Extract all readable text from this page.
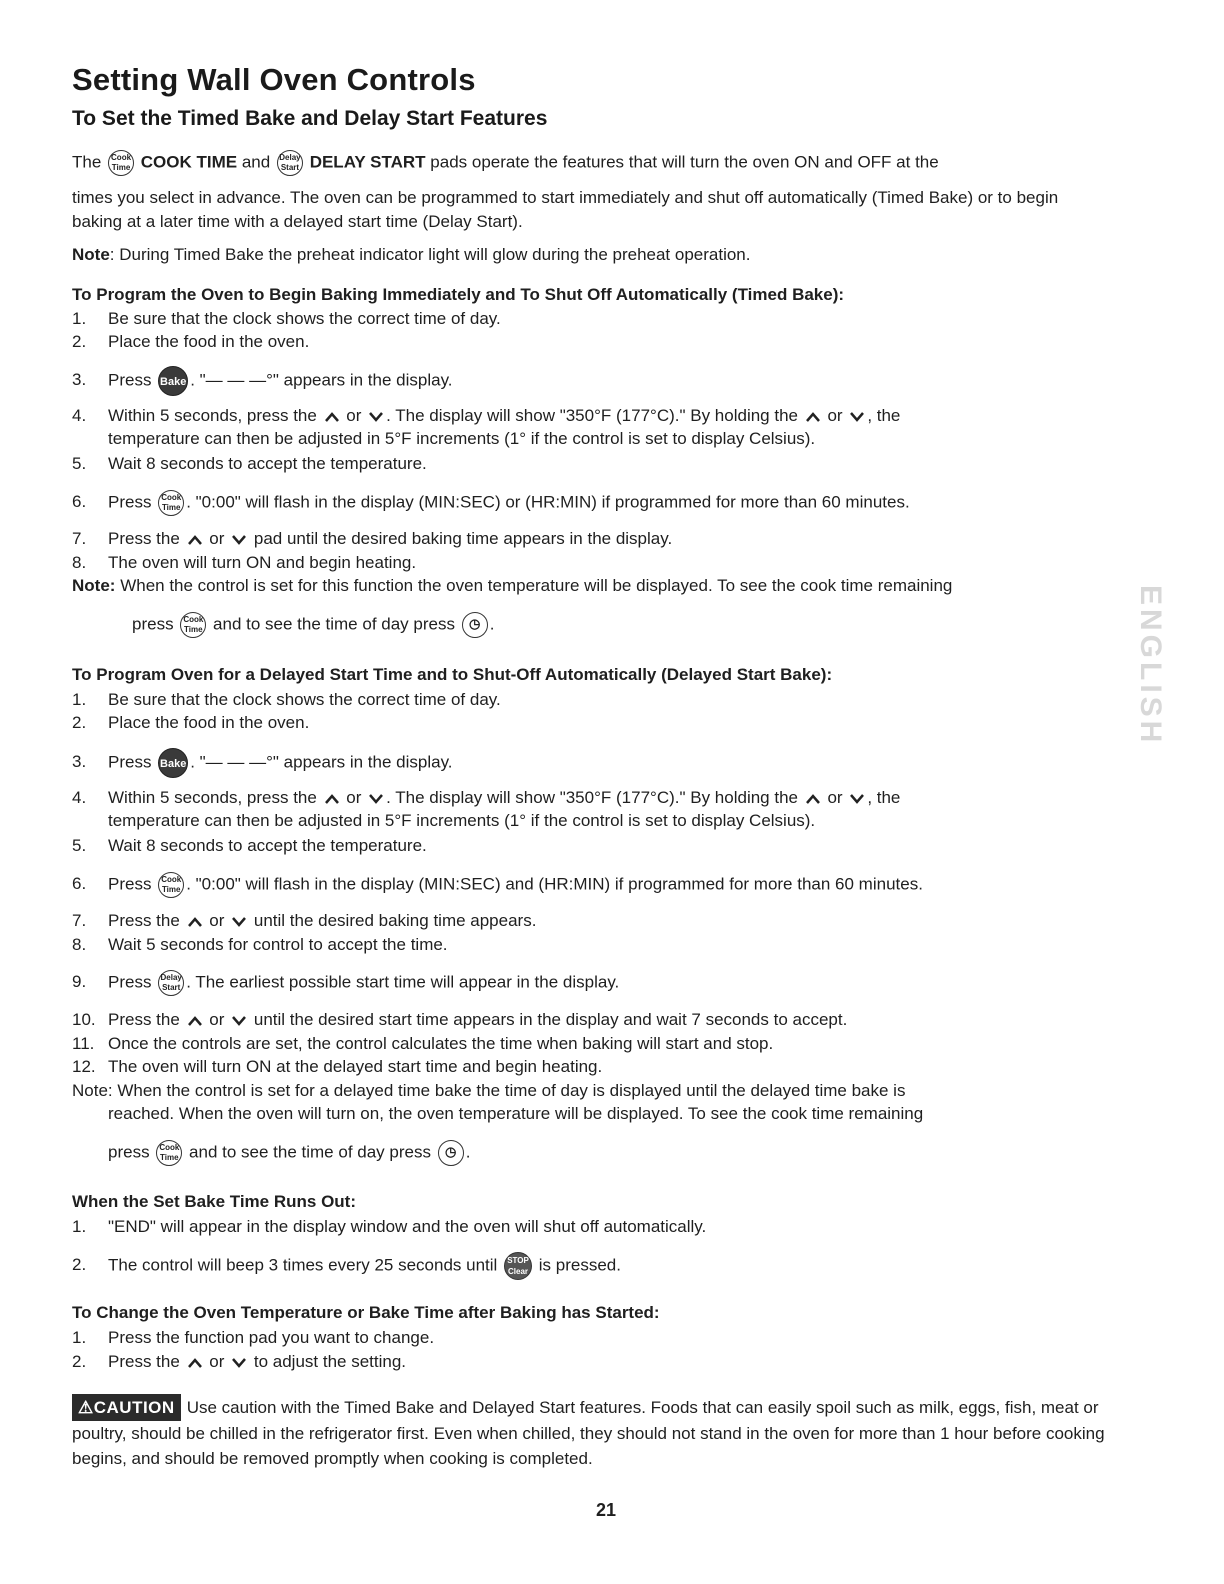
Setting Wall Oven Controls
To Set the Timed Bake and Delay Start Features
The Cook
Time COOK TIME and Delay
Start DELAY START pads operate the features that will turn the oven ON and OFF at the
times you select in advance. The oven can be programmed to start immediately and shut off automatically (Timed Bake) or to begin baking at a later time with a delayed start time (Delay Start).
Note: During Timed Bake the preheat indicator light will glow during the preheat operation.
To Program the Oven to Begin Baking Immediately and To Shut Off Automatically (Timed Bake):
1. Be sure that the clock shows the correct time of day.
2. Place the food in the oven.
3. Press Bake . "— — —°" appears in the display.
4. Within 5 seconds, press the or . The display will show "350°F (177°C)." By holding the or , the
temperature can then be adjusted in 5°F increments (1° if the control is set to display Celsius).
5. Wait 8 seconds to accept the temperature.
6. Press Cook
Time . "0:00" will flash in the display (MIN:SEC) or (HR:MIN) if programmed for more than 60 minutes.
7. Press the or pad until the desired baking time appears in the display.
8. The oven will turn ON and begin heating.
Note: When the control is set for this function the oven temperature will be displayed. To see the cook time remaining
press Cook
Time and to see the time of day press ◷ .
To Program Oven for a Delayed Start Time and to Shut-Off Automatically (Delayed Start Bake):
1. Be sure that the clock shows the correct time of day.
2. Place the food in the oven.
3. Press Bake . "— — —°" appears in the display.
4. Within 5 seconds, press the or . The display will show "350°F (177°C)." By holding the or , the
temperature can then be adjusted in 5°F increments (1° if the control is set to display Celsius).
5. Wait 8 seconds to accept the temperature.
6. Press Cook
Time . "0:00" will flash in the display (MIN:SEC) and (HR:MIN) if programmed for more than 60 minutes.
7. Press the or until the desired baking time appears.
8. Wait 5 seconds for control to accept the time.
9. Press Delay
Start . The earliest possible start time will appear in the display.
10. Press the or until the desired start time appears in the display and wait 7 seconds to accept.
11. Once the controls are set, the control calculates the time when baking will start and stop.
12. The oven will turn ON at the delayed start time and begin heating.
Note: When the control is set for a delayed time bake the time of day is displayed until the delayed time bake is
reached. When the oven will turn on, the oven temperature will be displayed. To see the cook time remaining
press Cook
Time and to see the time of day press ◷ .
When the Set Bake Time Runs Out:
1. "END" will appear in the display window and the oven will shut off automatically.
2. The control will beep 3 times every 25 seconds until STOP
Clear is pressed.
To Change the Oven Temperature or Bake Time after Baking has Started:
1. Press the function pad you want to change.
2. Press the or to adjust the setting.
⚠CAUTION Use caution with the Timed Bake and Delayed Start features. Foods that can easily spoil such as milk, eggs, fish, meat or poultry, should be chilled in the refrigerator first. Even when chilled, they should not stand in the oven for more than 1 hour before cooking begins, and should be removed promptly when cooking is completed.
ENGLISH
21
